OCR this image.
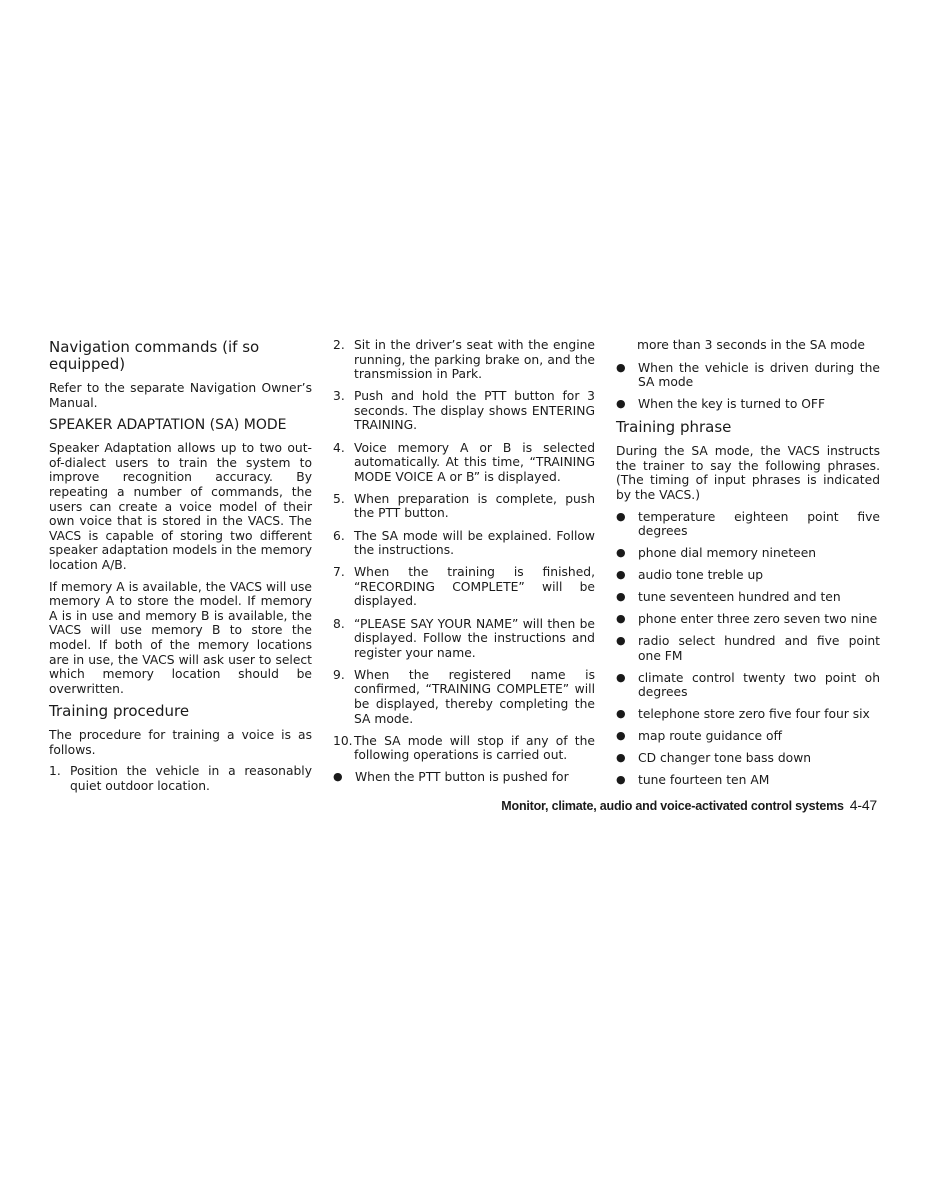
Navigation commands (if so equipped)

Refer to the separate Navigation Owner’s Manual.

SPEAKER ADAPTATION (SA) MODE

Speaker Adaptation allows up to two out-of-dialect users to train the system to improve recognition accuracy. By repeating a number of commands, the users can create a voice model of their own voice that is stored in the VACS. The VACS is capable of storing two different speaker adaptation models in the memory location A/B.

If memory A is available, the VACS will use memory A to store the model. If memory A is in use and memory B is available, the VACS will use memory B to store the model. If both of the memory locations are in use, the VACS will ask user to select which memory location should be overwritten.

Training procedure

The procedure for training a voice is as follows.

1. Position the vehicle in a reasonably quiet outdoor location.
2. Sit in the driver’s seat with the engine running, the parking brake on, and the transmission in Park.
3. Push and hold the PTT button for 3 seconds. The display shows ENTERING TRAINING.
4. Voice memory A or B is selected automatically. At this time, “TRAINING MODE VOICE A or B” is displayed.
5. When preparation is complete, push the PTT button.
6. The SA mode will be explained. Follow the instructions.
7. When the training is finished, “RECORDING COMPLETE” will be displayed.
8. “PLEASE SAY YOUR NAME” will then be displayed. Follow the instructions and register your name.
9. When the registered name is confirmed, “TRAINING COMPLETE” will be displayed, thereby completing the SA mode.
10. The SA mode will stop if any of the following operations is carried out.
●	When the PTT button is pushed for
more than 3 seconds in the SA mode
●	When the vehicle is driven during the SA mode
●	When the key is turned to OFF
Training phrase

During the SA mode, the VACS instructs the trainer to say the following phrases. (The timing of input phrases is indicated by the VACS.)

●	temperature eighteen point five degrees
●	phone dial memory nineteen
●	audio tone treble up
●	tune seventeen hundred and ten
●	phone enter three zero seven two nine
●	radio select hundred and five point one FM
●	climate control twenty two point oh degrees
●	telephone store zero five four four six
●	map route guidance off
●	CD changer tone bass down
●	tune fourteen ten AM
Monitor, climate, audio and voice-activated control systems 4-47
